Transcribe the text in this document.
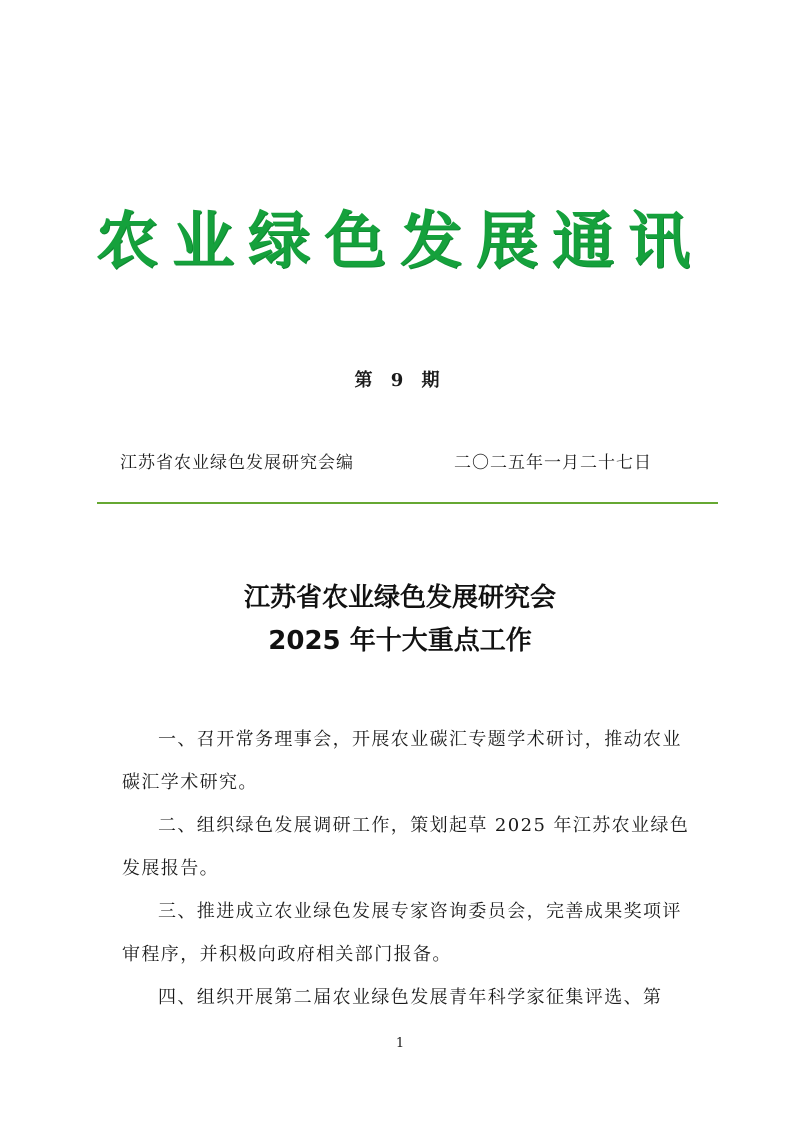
农业绿色发展通讯
第 9 期
江苏省农业绿色发展研究会编	二〇二五年一月二十七日
江苏省农业绿色发展研究会
2025 年十大重点工作

一、召开常务理事会，开展农业碳汇专题学术研讨，推动农业碳汇学术研究。

二、组织绿色发展调研工作，策划起草 2025 年江苏农业绿色发展报告。

三、推进成立农业绿色发展专家咨询委员会，完善成果奖项评审程序，并积极向政府相关部门报备。

四、组织开展第二届农业绿色发展青年科学家征集评选、第

1
